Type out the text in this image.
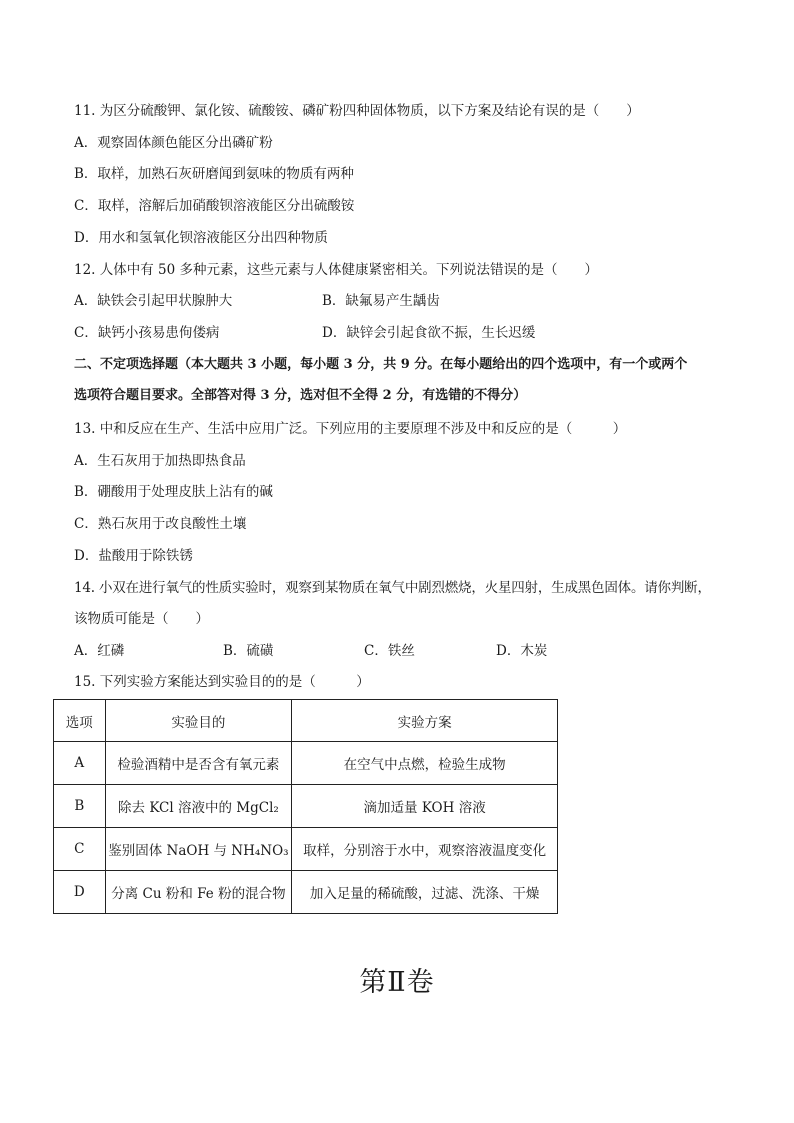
11. 为区分硫酸钾、氯化铵、硫酸铵、磷矿粉四种固体物质，以下方案及结论有误的是（　　）
A．观察固体颜色能区分出磷矿粉
B．取样，加熟石灰研磨闻到氨味的物质有两种
C．取样，溶解后加硝酸钡溶液能区分出硫酸铵
D．用水和氢氧化钡溶液能区分出四种物质
12. 人体中有 50 多种元素，这些元素与人体健康紧密相关。下列说法错误的是（　　）
A．缺铁会引起甲状腺肿大	B．缺氟易产生龋齿
C．缺钙小孩易患佝偻病	D．缺锌会引起食欲不振，生长迟缓
二、不定项选择题（本大题共 3 小题，每小题 3 分，共 9 分。在每小题给出的四个选项中，有一个或两个
选项符合题目要求。全部答对得 3 分，选对但不全得 2 分，有选错的不得分）
13. 中和反应在生产、生活中应用广泛。下列应用的主要原理不涉及中和反应的是（　　　）
A．生石灰用于加热即热食品
B．硼酸用于处理皮肤上沾有的碱
C．熟石灰用于改良酸性土壤
D．盐酸用于除铁锈
14. 小双在进行氧气的性质实验时，观察到某物质在氧气中剧烈燃烧，火星四射，生成黑色固体。请你判断，
该物质可能是（　　）
A．红磷	B．硫磺	C．铁丝	D．木炭
15. 下列实验方案能达到实验目的的是（　　　）
选项	实验目的	实验方案
A	检验酒精中是否含有氧元素	在空气中点燃，检验生成物
B	除去 KCl 溶液中的 MgCl₂	滴加适量 KOH 溶液
C	鉴别固体 NaOH 与 NH₄NO₃	取样，分别溶于水中，观察溶液温度变化
D	分离 Cu 粉和 Fe 粉的混合物	加入足量的稀硫酸，过滤、洗涤、干燥
第Ⅱ卷
